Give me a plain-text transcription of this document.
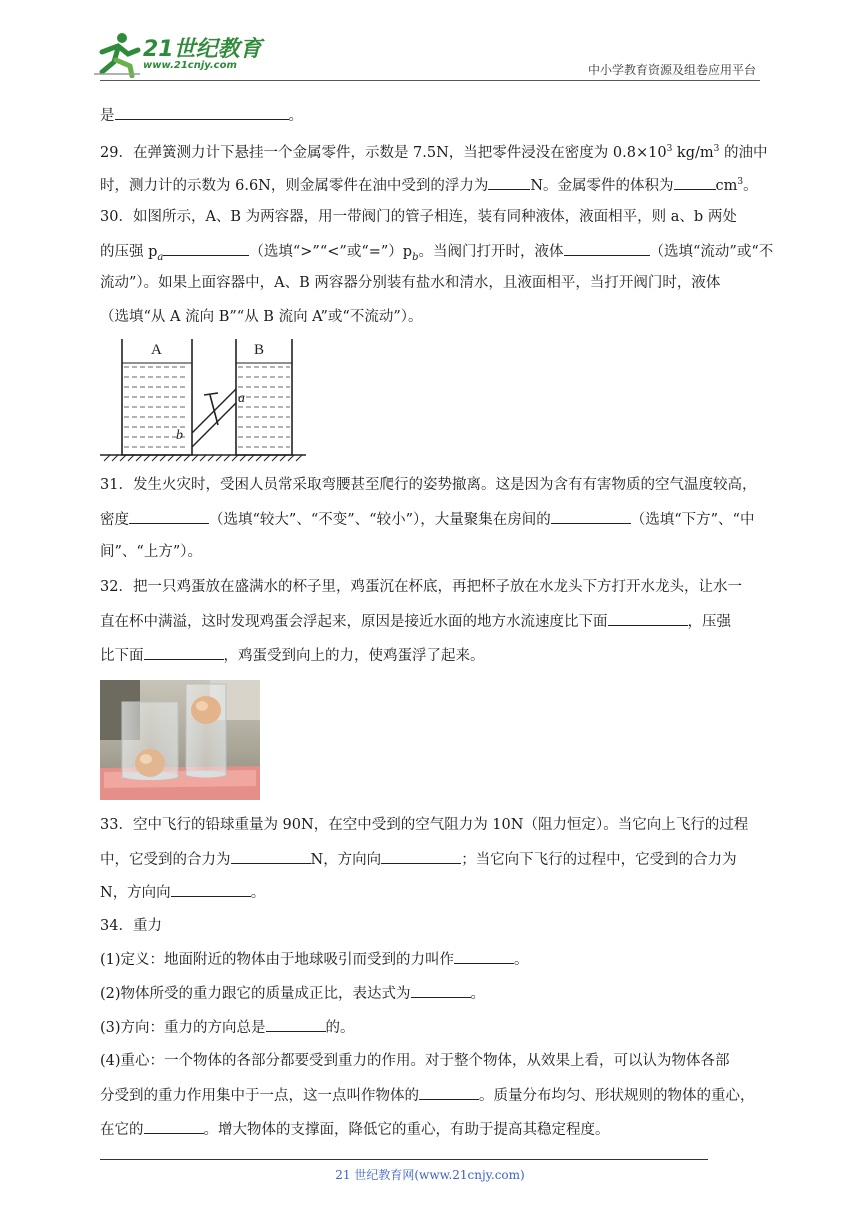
21世纪教育
www.21cnjy.com	中小学教育资源及组卷应用平台
是	。
29．在弹簧测力计下悬挂一个金属零件，示数是 7.5N，当把零件浸没在密度为 $0.8\times 10^3$ $kg/m^3$ 的油中
时，测力计的示数为 6.6N，则金属零件在油中受到的浮力为	N。金属零件的体积为	$cm^3$。
30．如图所示，A、B 为两容器，用一带阀门的管子相连，装有同种液体，液面相平，则 a、b 两处
的压强 $p_a$	（选填“>”“<”或“$=”)p_b$。当阀门打开时，液体	（选填“流动”或“不
流动”）。如果上面容器中，A、B 两容器分别装有盐水和清水，且液面相平，当打开阀门时，液体
（选填“从 A 流向 B”“从 B 流向 A”或“不流动”）。
A	B
a
b
31．发生火灾时，受困人员常采取弯腰甚至爬行的姿势撤离。这是因为含有有害物质的空气温度较高，
密度	（选填“较大”、“不变”、“较小”），大量聚集在房间的	（选填“下方”、“中
间”、“上方”）。
32．把一只鸡蛋放在盛满水的杯子里，鸡蛋沉在杯底，再把杯子放在水龙头下方打开水龙头，让水一
直在杯中满溢，这时发现鸡蛋会浮起来，原因是接近水面的地方水流速度比下面	，压强
比下面	，鸡蛋受到向上的力，使鸡蛋浮了起来。
33．空中飞行的铅球重量为 90N，在空中受到的空气阻力为 10N（阻力恒定）。当它向上飞行的过程
中，它受到的合力为	N，方向向	；当它向下飞行的过程中，它受到的合力为
N，方向向	。
34．重力
(1)定义：地面附近的物体由于地球吸引而受到的力叫作	。
(2)物体所受的重力跟它的质量成正比，表达式为	。
(3)方向：重力的方向总是	的。
(4)重心：一个物体的各部分都要受到重力的作用。对于整个物体，从效果上看，可以认为物体各部
分受到的重力作用集中于一点，这一点叫作物体的	。质量分布均匀、形状规则的物体的重心，
在它的	。增大物体的支撑面，降低它的重心，有助于提高其稳定程度。
21 世纪教育网(www.21cnjy.com)
